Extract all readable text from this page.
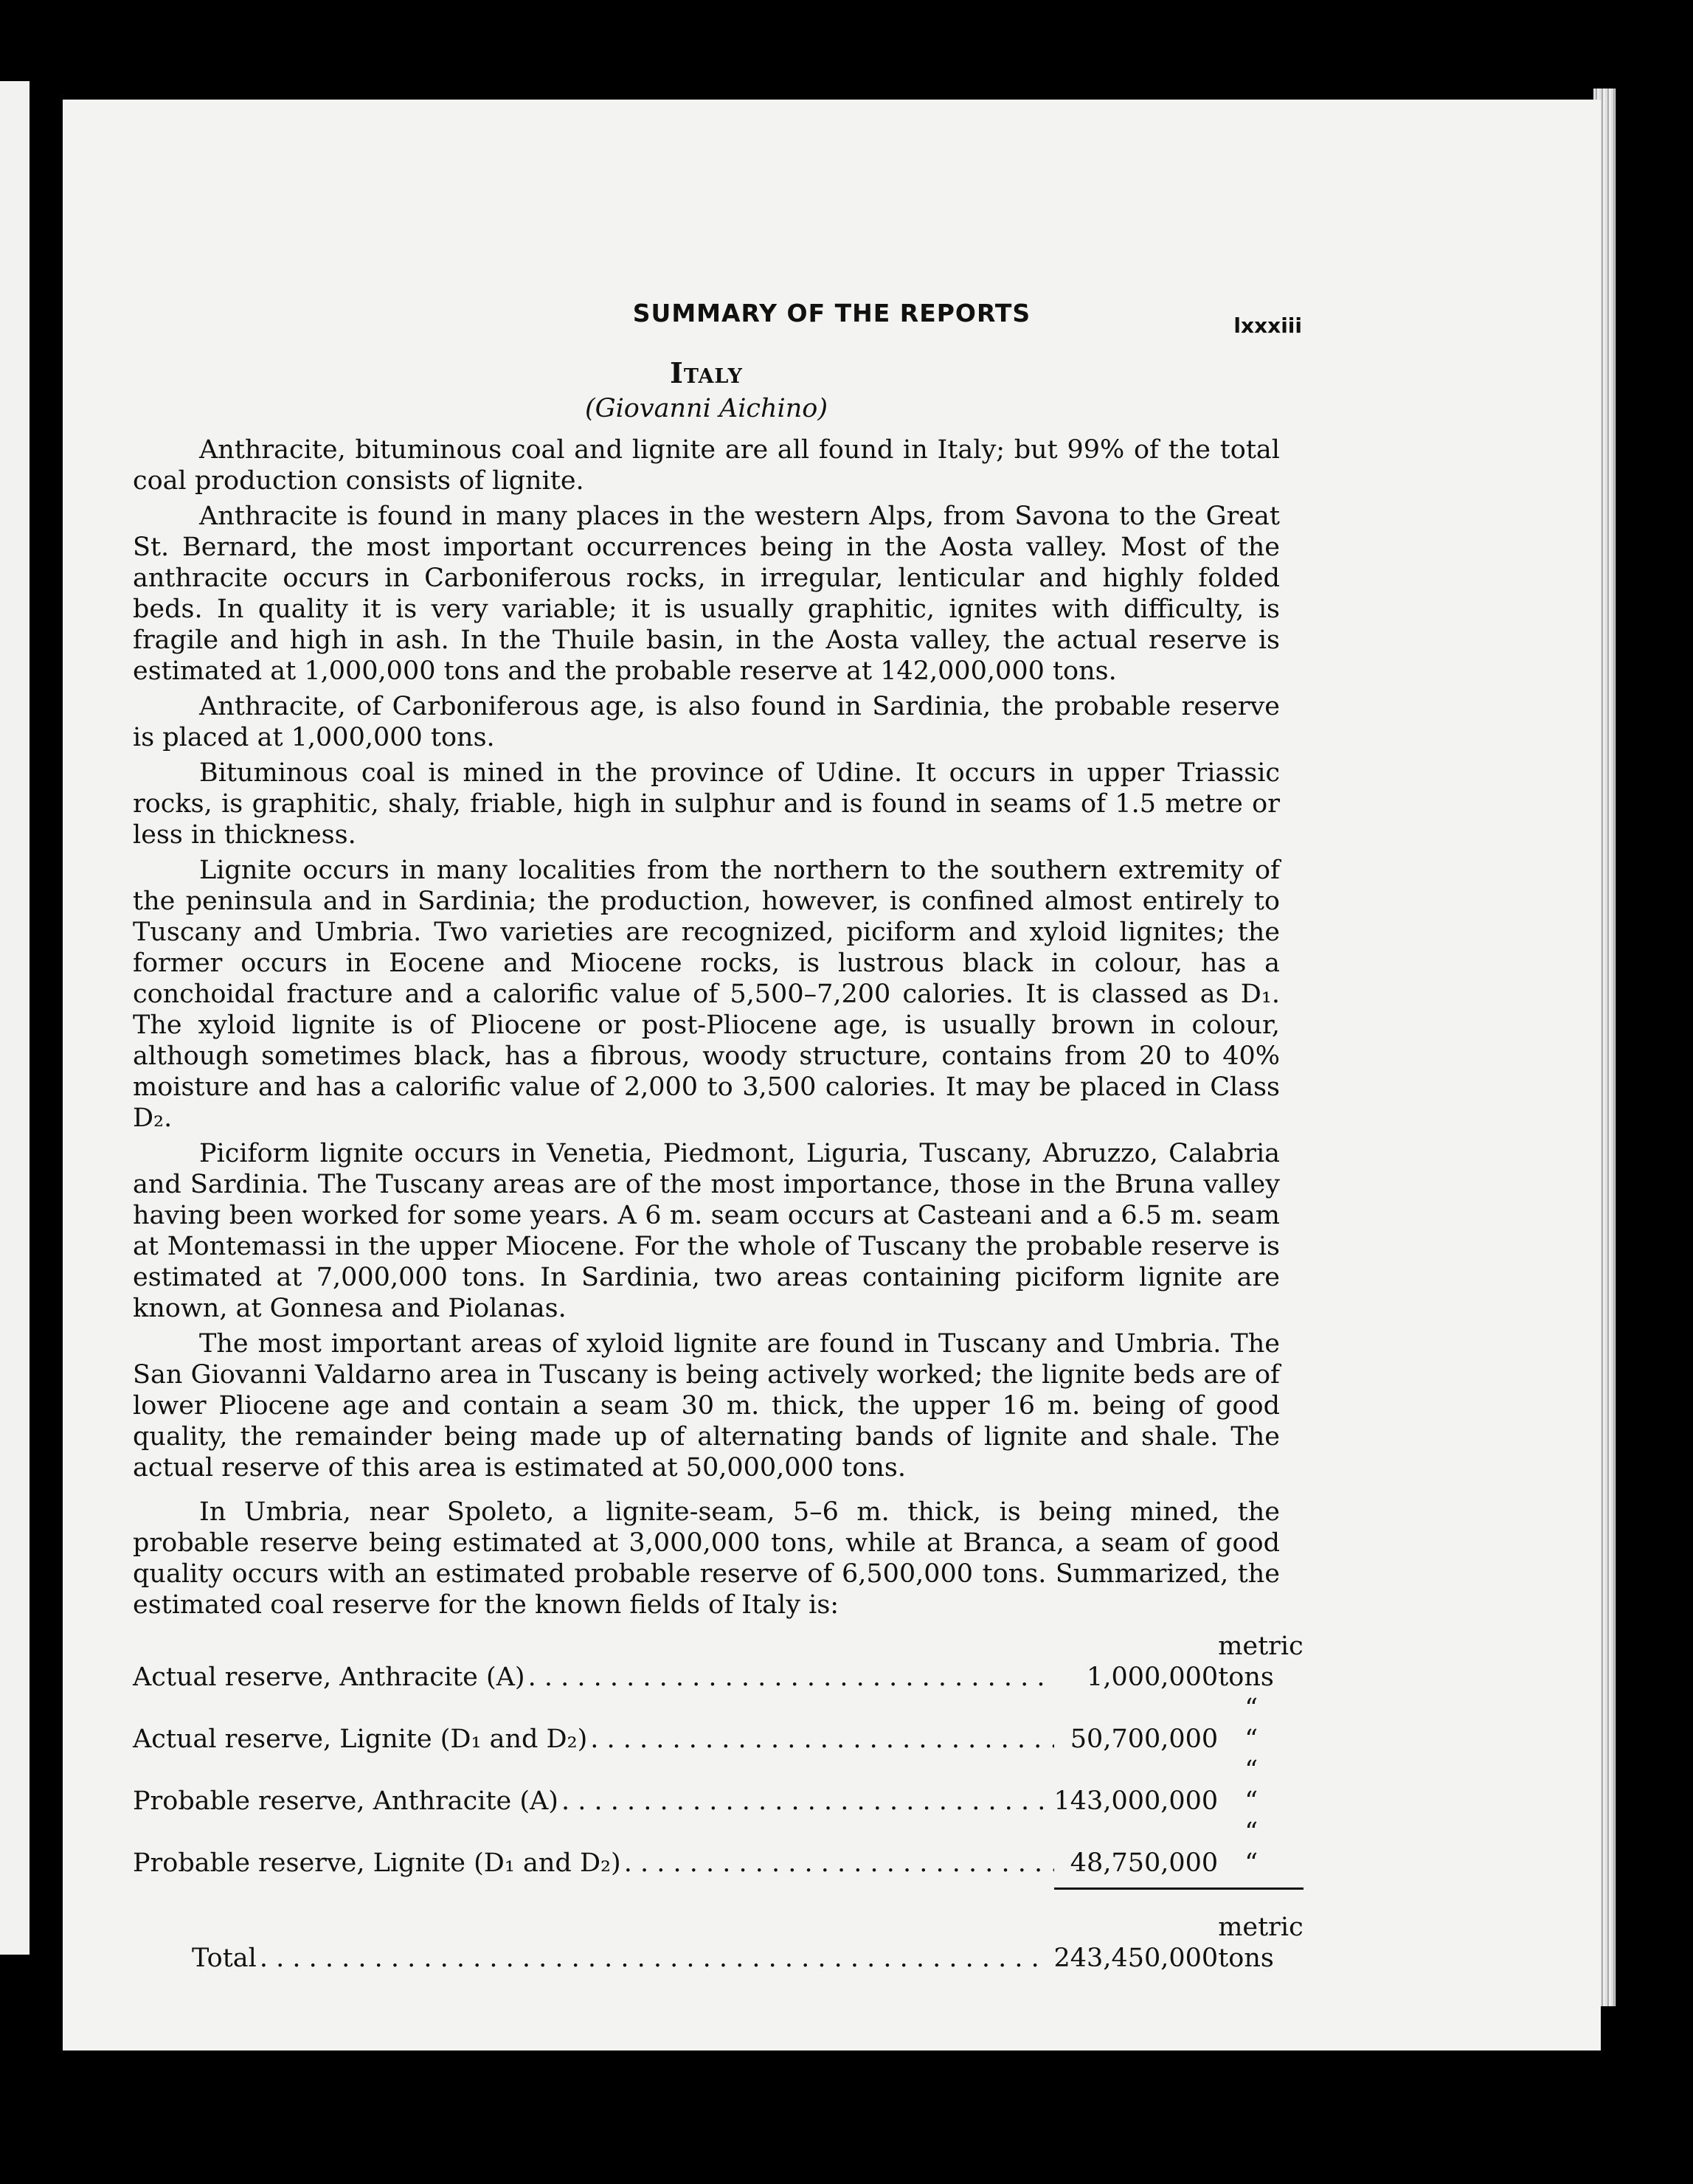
SUMMARY OF THE REPORTS	lxxxiii
Italy
(Giovanni Aichino)

Anthracite, bituminous coal and lignite are all found in Italy; but 99% of the total coal production consists of lignite.

Anthracite is found in many places in the western Alps, from Savona to the Great St. Bernard, the most important occurrences being in the Aosta valley. Most of the anthracite occurs in Carboniferous rocks, in irregular, lenticular and highly folded beds. In quality it is very variable; it is usually graphitic, ignites with difficulty, is fragile and high in ash. In the Thuile basin, in the Aosta valley, the actual reserve is estimated at 1,000,000 tons and the probable reserve at 142,000,000 tons.

Anthracite, of Carboniferous age, is also found in Sardinia, the probable reserve is placed at 1,000,000 tons.

Bituminous coal is mined in the province of Udine. It occurs in upper Triassic rocks, is graphitic, shaly, friable, high in sulphur and is found in seams of 1.5 metre or less in thickness.

Lignite occurs in many localities from the northern to the southern extremity of the peninsula and in Sardinia; the production, however, is confined almost entirely to Tuscany and Umbria. Two varieties are recognized, piciform and xyloid lignites; the former occurs in Eocene and Miocene rocks, is lustrous black in colour, has a conchoidal fracture and a calorific value of 5,500–7,200 calories. It is classed as D₁. The xyloid lignite is of Pliocene or post-Pliocene age, is usually brown in colour, although sometimes black, has a fibrous, woody structure, contains from 20 to 40% moisture and has a calorific value of 2,000 to 3,500 calories. It may be placed in Class D₂.

Piciform lignite occurs in Venetia, Piedmont, Liguria, Tuscany, Abruzzo, Calabria and Sardinia. The Tuscany areas are of the most importance, those in the Bruna valley having been worked for some years. A 6 m. seam occurs at Casteani and a 6.5 m. seam at Montemassi in the upper Miocene. For the whole of Tuscany the probable reserve is estimated at 7,000,000 tons. In Sardinia, two areas containing piciform lignite are known, at Gonnesa and Piolanas.

The most important areas of xyloid lignite are found in Tuscany and Umbria. The San Giovanni Valdarno area in Tuscany is being actively worked; the lignite beds are of lower Pliocene age and contain a seam 30 m. thick, the upper 16 m. being of good quality, the remainder being made up of alternating bands of lignite and shale. The actual reserve of this area is estimated at 50,000,000 tons.

In Umbria, near Spoleto, a lignite-seam, 5–6 m. thick, is being mined, the probable reserve being estimated at 3,000,000 tons, while at Branca, a seam of good quality occurs with an estimated probable reserve of 6,500,000 tons. Summarized, the estimated coal reserve for the known fields of Italy is:

Actual reserve, Anthracite (A)
. . .	1,000,000	metric tons

Actual reserve, Lignite (D₁ and D₂)
. . .	50,700,000	““

Probable reserve, Anthracite (A)
. . .	143,000,000	““

Probable reserve, Lignite (D₁ and D₂)
. . .	48,750,000	““

Total
. . .	243,450,000	metric tons
